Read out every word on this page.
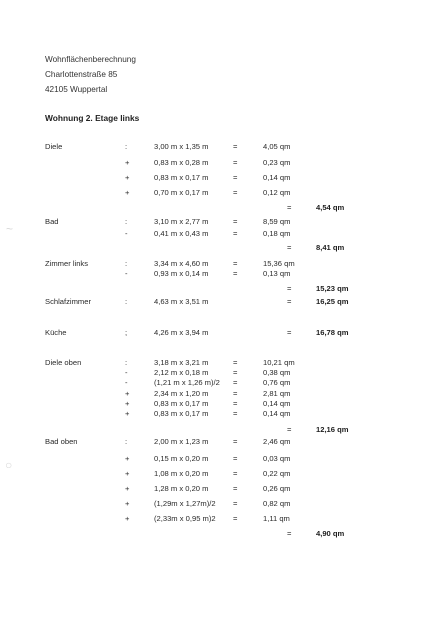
Wohnflächenberechnung
Charlottenstraße 85
42105 Wuppertal
Wohnung 2. Etage links
~
○
Diele	:	3,00 m x 1,35 m	=	4,05 qm
+	0,83 m x 0,28 m	=	0,23 qm
+	0,83 m x 0,17 m	=	0,14 qm
+	0,70 m x 0,17 m	=	0,12 qm
=	4,54 qm
Bad	:	3,10 m x 2,77 m	=	8,59 qm
-	0,41 m x 0,43 m	=	0,18 qm
=	8,41 qm
Zimmer links	:	3,34 m x 4,60 m	=	15,36 qm
-	0,93 m x 0,14 m	=	0,13 qm
=	15,23 qm
Schlafzimmer	:	4,63 m x 3,51 m	=	16,25 qm
Küche	;	4,26 m x 3,94 m	=	16,78 qm
Diele oben	:	3,18 m x 3,21 m	=	10,21 qm
-	2,12 m x 0,18 m	=	0,38 qm
-	(1,21 m x 1,26 m)/2 =	0,76 qm
+	2,34 m x 1,20 m	=	2,81 qm
+	0,83 m x 0,17 m	=	0,14 qm
+	0,83 m x 0,17 m	=	0,14 qm
=	12,16 qm
Bad oben	:	2,00 m x 1,23 m	=	2,46 qm
+	0,15 m x 0,20 m	=	0,03 qm
+	1,08 m x 0,20 m	=	0,22 qm
+	1,28 m x 0,20 m	=	0,26 qm
+	(1,29m x 1,27m)/2 =	0,82 qm
+	(2,33m x 0,95 m)2 =	1,11 qm
=	4,90 qm
